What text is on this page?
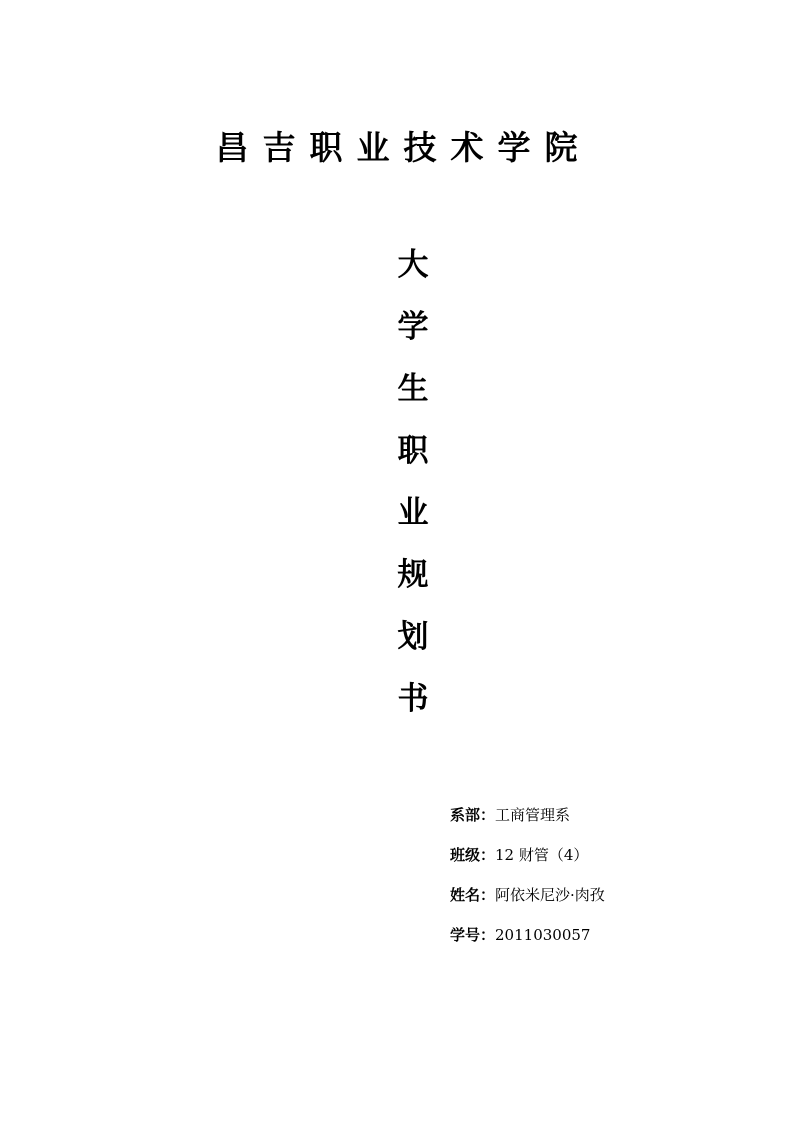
昌吉职业技术学院
大
学
生
职
业
规
划
书
系部：工商管理系
班级：12 财管（4）
姓名：阿依米尼沙·肉孜
学号：2011030057
